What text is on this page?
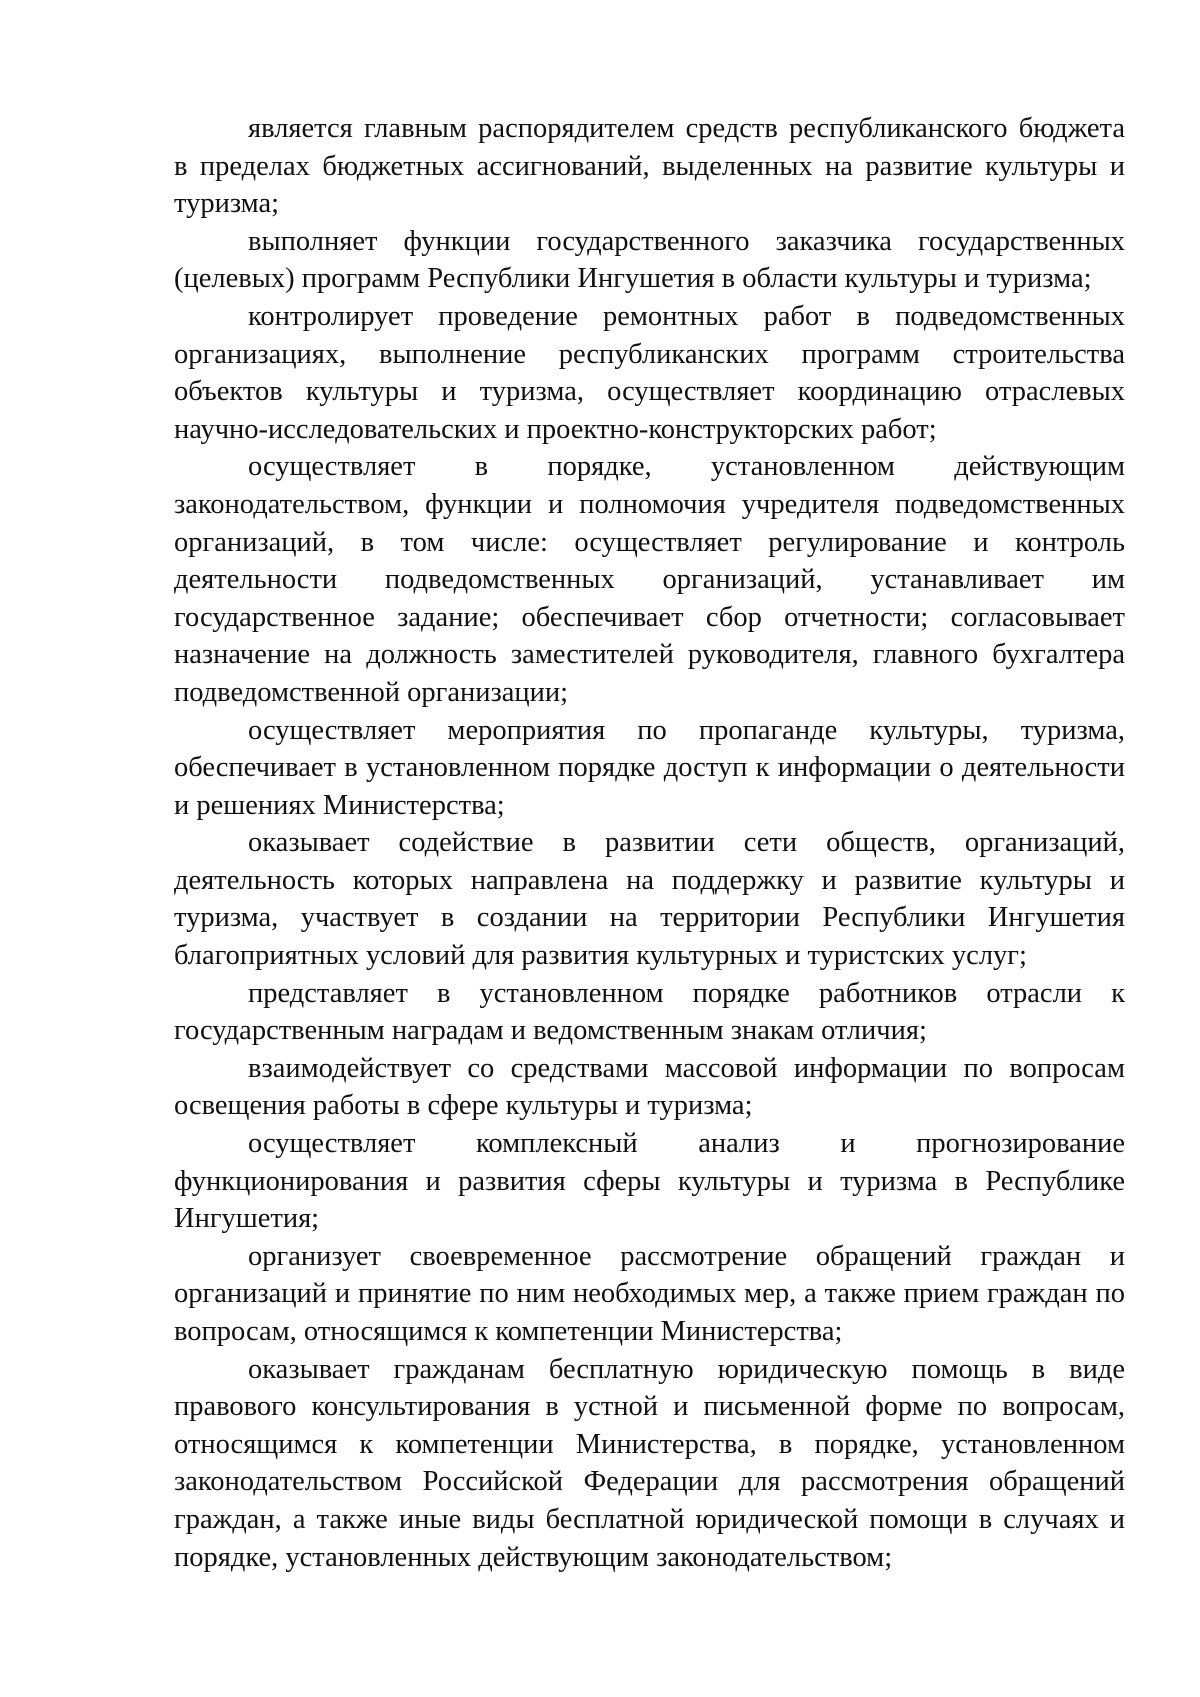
является главным распорядителем средств республиканского бюджета в пределах бюджетных ассигнований, выделенных на развитие культуры и туризма;

выполняет функции государственного заказчика государственных (целевых) программ Республики Ингушетия в области культуры и туризма;

контролирует проведение ремонтных работ в подведомственных организациях, выполнение республиканских программ строительства объектов культуры и туризма, осуществляет координацию отраслевых научно-исследовательских и проектно-конструкторских работ;

осуществляет в порядке, установленном действующим законодательством, функции и полномочия учредителя подведомственных организаций, в том числе: осуществляет регулирование и контроль деятельности подведомственных организаций, устанавливает им государственное задание; обеспечивает сбор отчетности; согласовывает назначение на должность заместителей руководителя, главного бухгалтера подведомственной организации;

осуществляет мероприятия по пропаганде культуры, туризма, обеспечивает в установленном порядке доступ к информации о деятельности и решениях Министерства;

оказывает содействие в развитии сети обществ, организаций, деятельность которых направлена на поддержку и развитие культуры и туризма, участвует в создании на территории Республики Ингушетия благоприятных условий для развития культурных и туристских услуг;

представляет в установленном порядке работников отрасли к государственным наградам и ведомственным знакам отличия;

взаимодействует со средствами массовой информации по вопросам освещения работы в сфере культуры и туризма;

осуществляет комплексный анализ и прогнозирование функционирования и развития сферы культуры и туризма в Республике Ингушетия;

организует своевременное рассмотрение обращений граждан и организаций и принятие по ним необходимых мер, а также прием граждан по вопросам, относящимся к компетенции Министерства;

оказывает гражданам бесплатную юридическую помощь в виде правового консультирования в устной и письменной форме по вопросам, относящимся к компетенции Министерства, в порядке, установленном законодательством Российской Федерации для рассмотрения обращений граждан, а также иные виды бесплатной юридической помощи в случаях и порядке, установленных действующим законодательством;
